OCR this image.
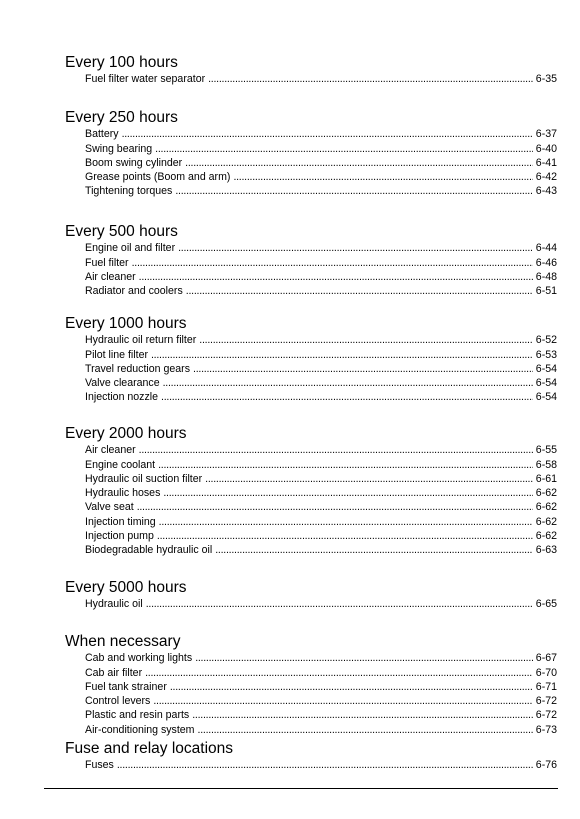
Every 100 hours
Fuel filter water separator . . .	6-35
Every 250 hours
Battery . . .	6-37
Swing bearing . . .	6-40
Boom swing cylinder . . .	6-41
Grease points (Boom and arm) . . .	6-42
Tightening torques . . .	6-43
Every 500 hours
Engine oil and filter . . .	6-44
Fuel filter . . .	6-46
Air cleaner . . .	6-48
Radiator and coolers . . .	6-51
Every 1000 hours
Hydraulic oil return filter . . .	6-52
Pilot line filter . . .	6-53
Travel reduction gears . . .	6-54
Valve clearance . . .	6-54
Injection nozzle . . .	6-54
Every 2000 hours
Air cleaner . . .	6-55
Engine coolant . . .	6-58
Hydraulic oil suction filter . . .	6-61
Hydraulic hoses . . .	6-62
Valve seat . . .	6-62
Injection timing . . .	6-62
Injection pump . . .	6-62
Biodegradable hydraulic oil . . .	6-63
Every 5000 hours
Hydraulic oil . . .	6-65
When necessary
Cab and working lights . . .	6-67
Cab air filter . . .	6-70
Fuel tank strainer . . .	6-71
Control levers . . .	6-72
Plastic and resin parts . . .	6-72
Air-conditioning system . . .	6-73
Fuse and relay locations
Fuses . . .	6-76
